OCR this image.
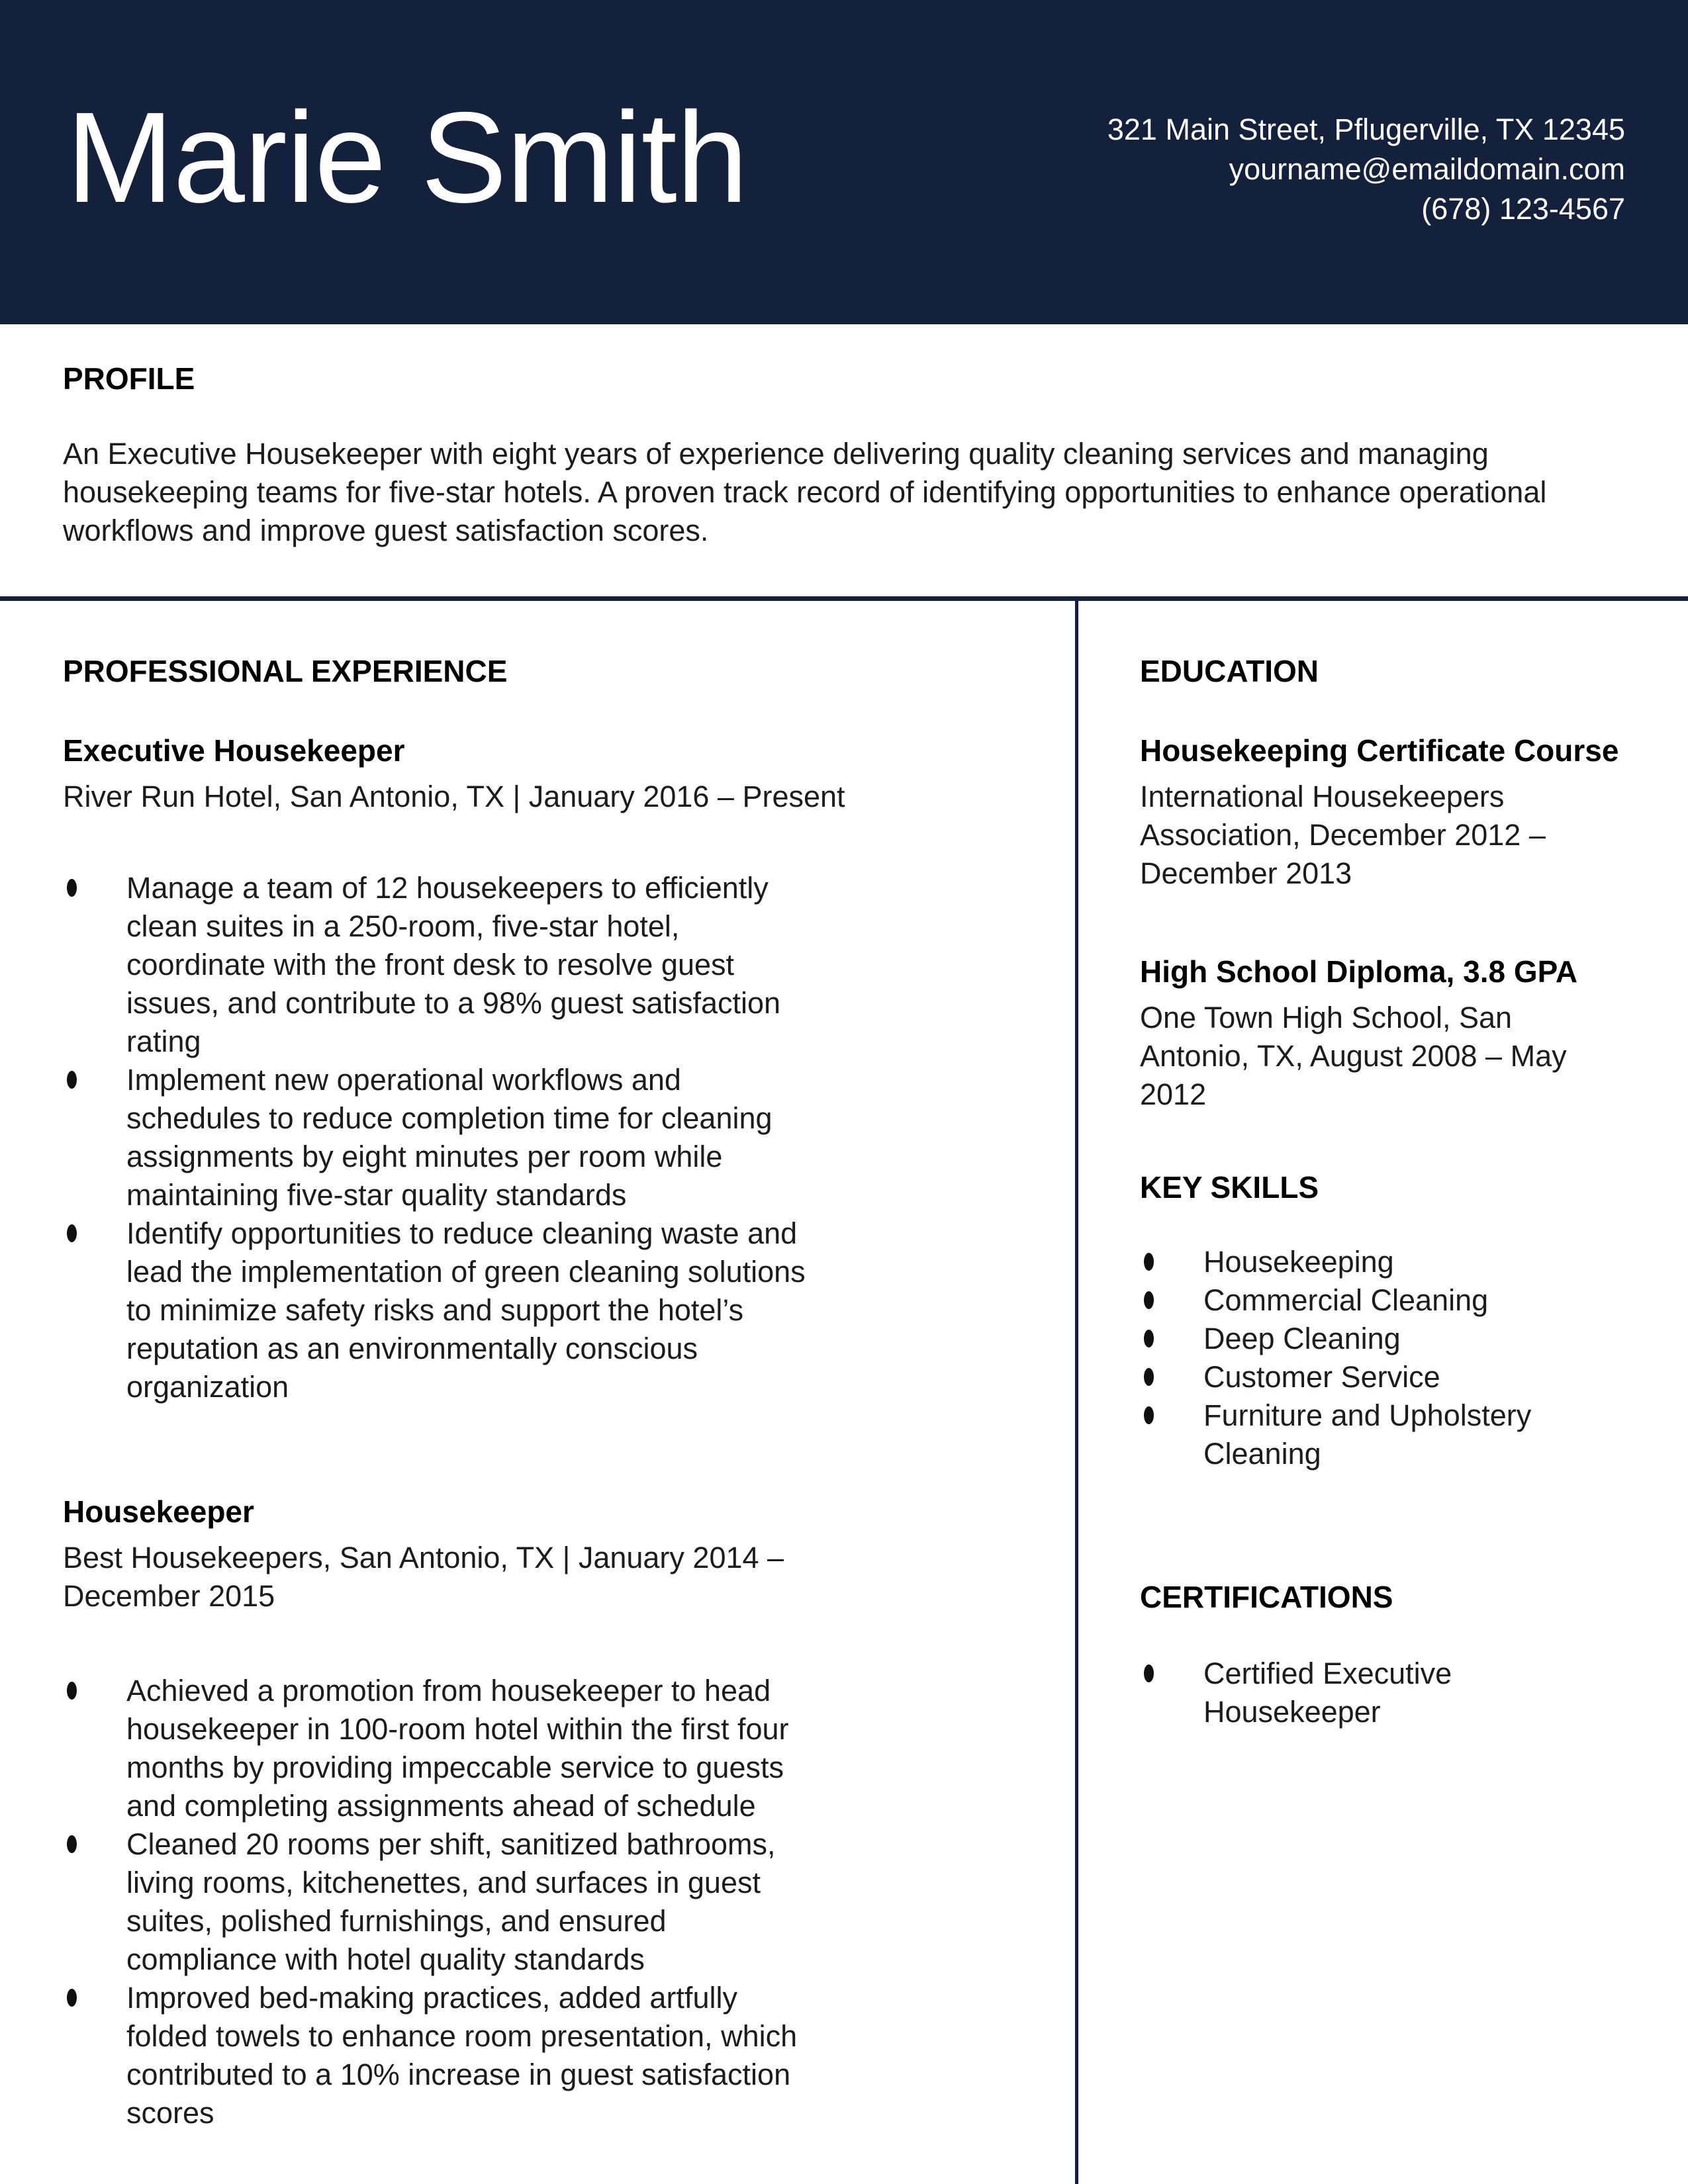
Marie Smith	321 Main Street, Pflugerville, TX 12345
yourname@emaildomain.com
(678) 123-4567
PROFILE

An Executive Housekeeper with eight years of experience delivering quality cleaning services and managing housekeeping teams for five-star hotels. A proven track record of identifying opportunities to enhance operational workflows and improve guest satisfaction scores.

PROFESSIONAL EXPERIENCE
Executive Housekeeper

River Run Hotel, San Antonio, TX | January 2016 – Present

Manage a team of 12 housekeepers to efficiently clean suites in a 250-room, five-star hotel, coordinate with the front desk to resolve guest issues, and contribute to a 98% guest satisfaction rating
Implement new operational workflows and schedules to reduce completion time for cleaning assignments by eight minutes per room while maintaining five-star quality standards
Identify opportunities to reduce cleaning waste and lead the implementation of green cleaning solutions to minimize safety risks and support the hotel’s reputation as an environmentally conscious organization
Housekeeper

Best Housekeepers, San Antonio, TX | January 2014 – December 2015

Achieved a promotion from housekeeper to head housekeeper in 100-room hotel within the first four months by providing impeccable service to guests and completing assignments ahead of schedule
Cleaned 20 rooms per shift, sanitized bathrooms, living rooms, kitchenettes, and surfaces in guest suites, polished furnishings, and ensured compliance with hotel quality standards
Improved bed-making practices, added artfully folded towels to enhance room presentation, which contributed to a 10% increase in guest satisfaction scores
EDUCATION
Housekeeping Certificate Course

International Housekeepers Association, December 2012 – December 2013

High School Diploma, 3.8 GPA

One Town High School, San Antonio, TX, August 2008 – May 2012

KEY SKILLS
Housekeeping
Commercial Cleaning
Deep Cleaning
Customer Service
Furniture and Upholstery Cleaning
CERTIFICATIONS
Certified Executive Housekeeper
